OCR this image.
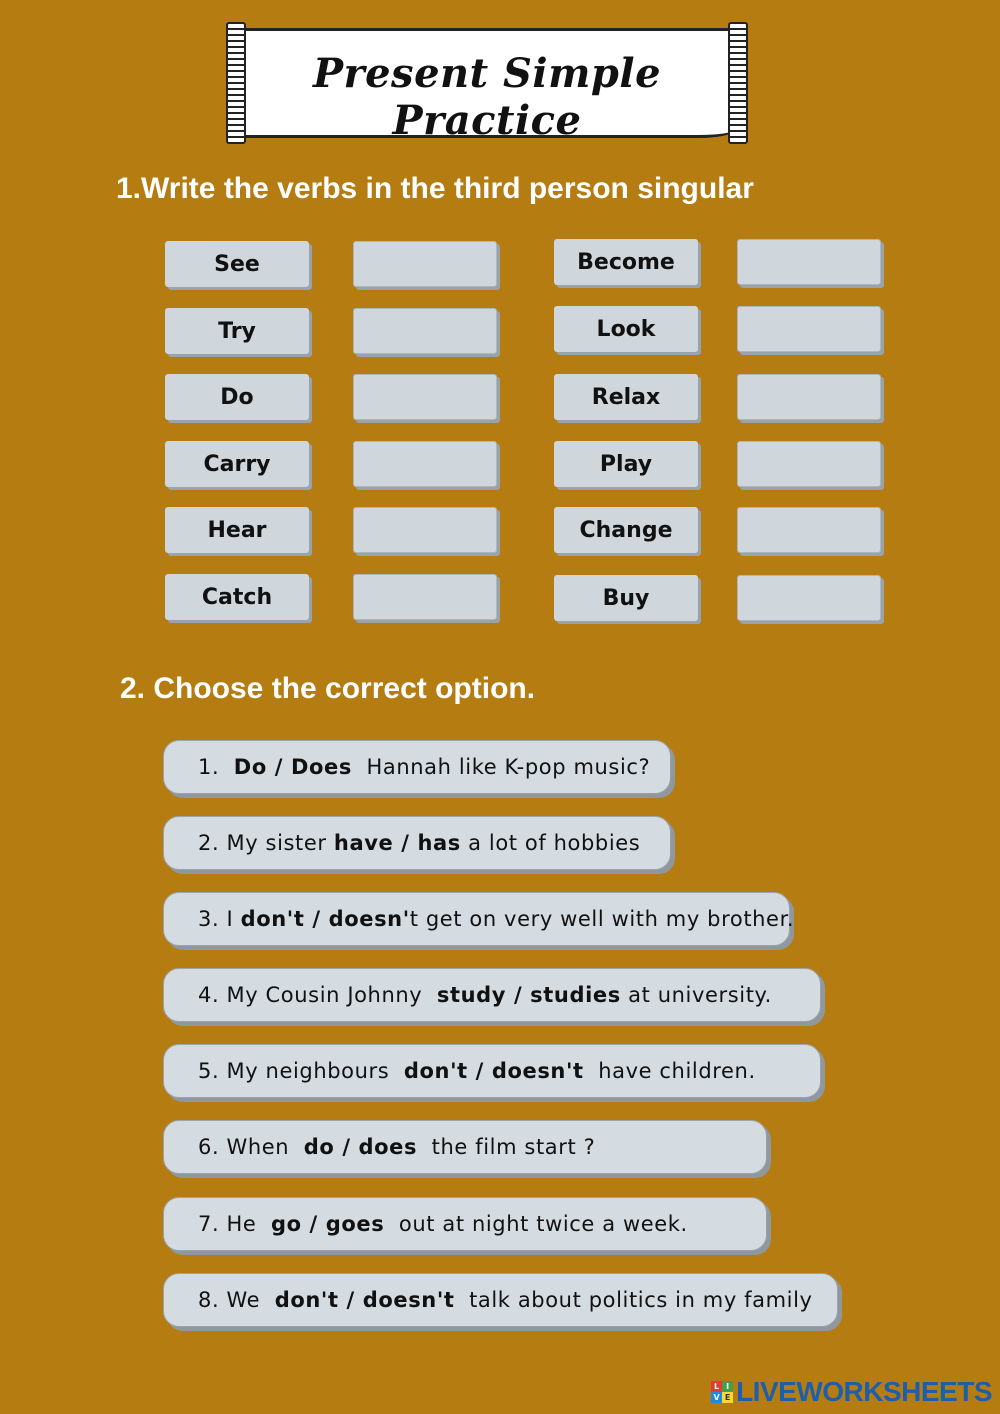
Present Simple Practice
1.Write the verbs in the third person singular
See
Try
Do
Carry
Hear
Catch
Become
Look
Relax
Play
Change
Buy
2. Choose the correct option.
1. Do / Does Hannah like K-pop music?
2. My sister have / has a lot of hobbies
3. I don't / doesn' t get on very well with my brother.
4. My Cousin Johnny study / studies at university.
5. My neighbours don't / doesn't have children.
6. When do / does the film start ?
7. He go / goes out at night twice a week.
8. We don't / doesn't talk about politics in my family
L I
V E LIVEWORKSHEETS
